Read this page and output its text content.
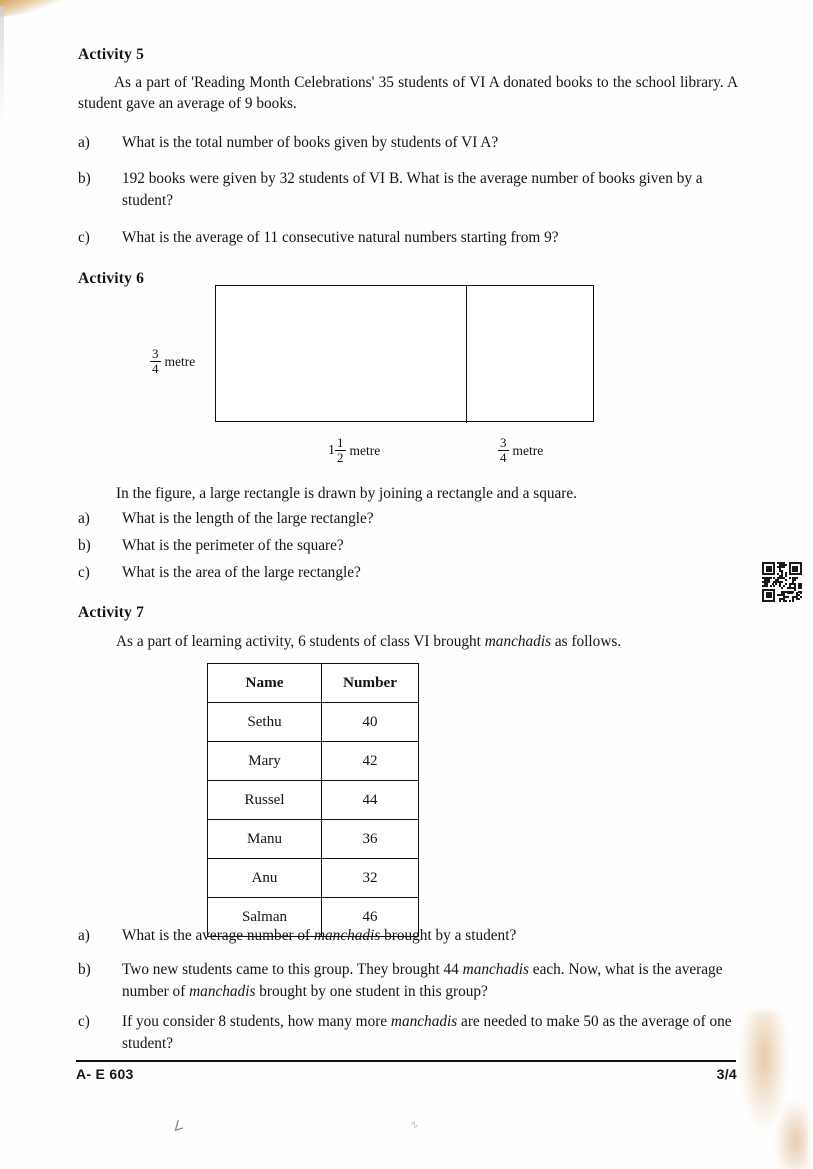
Activity 5
As a part of 'Reading Month Celebrations' 35 students of VI A donated books to the school library. A student gave an average of 9 books.
a)	What is the total number of books given by students of VI A?
b)	192 books were given by 32 students of VI B. What is the average number of books given by a student?
c)	What is the average of 11 consecutive natural numbers starting from 9?
Activity 6
$\frac{3}{4}$ metre
$1 \frac{1}{2}$ metre	$\frac{3}{4}$ metre
In the figure, a large rectangle is drawn by joining a rectangle and a square.
a)	What is the length of the large rectangle?
b)	What is the perimeter of the square?
c)	What is the area of the large rectangle?
Activity 7
As a part of learning activity, 6 students of class VI brought manchadis as follows.
Name	Number
Sethu	40
Mary	42
Russel	44
Manu	36
Anu	32
Salman	46
a)	What is the average number of manchadis brought by a student?
b)	Two new students came to this group. They brought 44 manchadis each. Now, what is the average number of manchadis brought by one student in this group?
c)	If you consider 8 students, how many more manchadis are needed to make 50 as the average of one student?
A- E 603	3/4
∠	∿
